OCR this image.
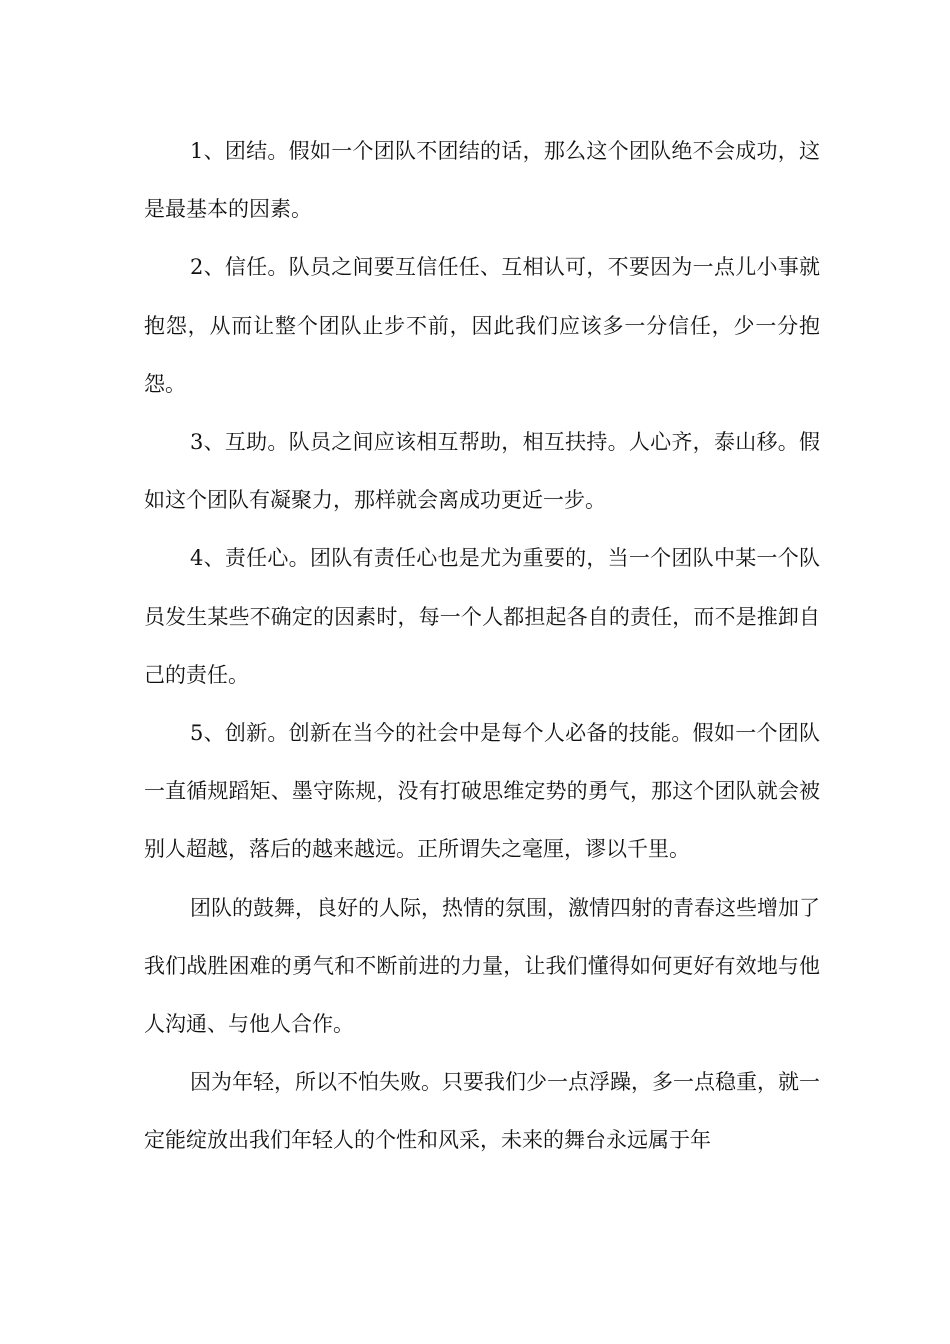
1、团结。假如一个团队不团结的话，那么这个团队绝不会成功，这是最基本的因素。

2、信任。队员之间要互信任任、互相认可，不要因为一点儿小事就抱怨，从而让整个团队止步不前，因此我们应该多一分信任，少一分抱怨。

3、互助。队员之间应该相互帮助，相互扶持。人心齐，泰山移。假如这个团队有凝聚力，那样就会离成功更近一步。

4、责任心。团队有责任心也是尤为重要的，当一个团队中某一个队员发生某些不确定的因素时，每一个人都担起各自的责任，而不是推卸自己的责任。

5、创新。创新在当今的社会中是每个人必备的技能。假如一个团队一直循规蹈矩、墨守陈规，没有打破思维定势的勇气，那这个团队就会被别人超越，落后的越来越远。正所谓失之毫厘，谬以千里。

团队的鼓舞，良好的人际，热情的氛围，激情四射的青春这些增加了我们战胜困难的勇气和不断前进的力量，让我们懂得如何更好有效地与他人沟通、与他人合作。

因为年轻，所以不怕失败。只要我们少一点浮躁，多一点稳重，就一定能绽放出我们年轻人的个性和风采，未来的舞台永远属于年
